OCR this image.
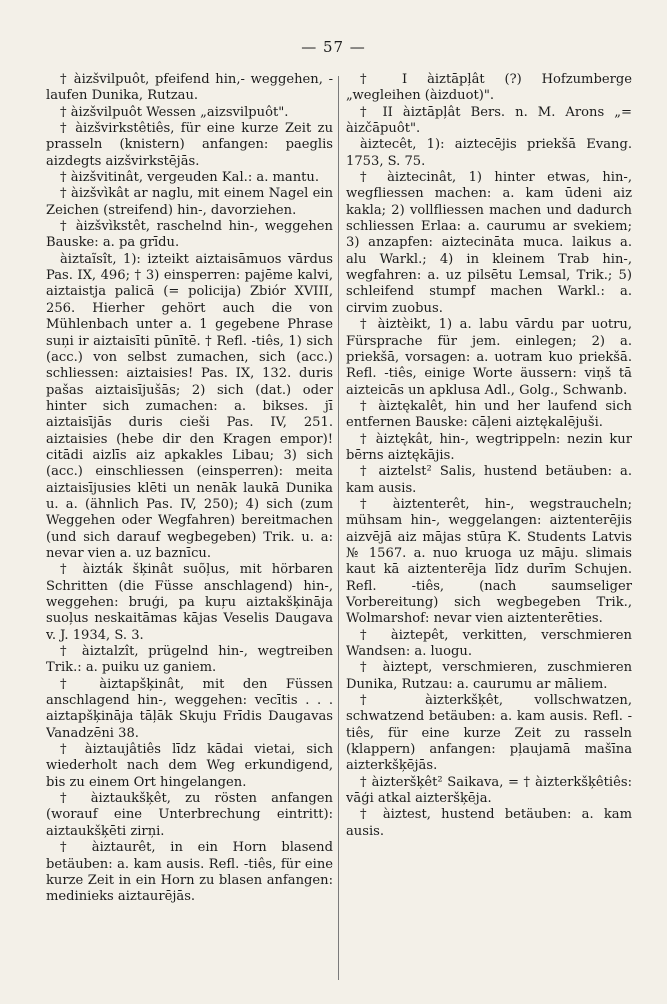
— 57 —

† àizšvilpuôt, pfeifend hin,- weggehen, -laufen Dunika, Rutzau.

† àizšvilpuôt Wessen „aizsvilpuôt".

† àizšvirkstêtiês, für eine kurze Zeit zu prasseln (knistern) anfangen: paeglis aizdegts aizšvirkstējās.

† àizšvitinât, vergeuden Kal.: a. mantu.

† àizšvìkât ar naglu, mit einem Nagel ein Zeichen (streifend) hin-, davorziehen.

† àizšvìkstêt, raschelnd hin-, weggehen Bauske: a. pa grīdu.

àiztaĩsît, 1): izteikt aiztaisāmuos vārdus Pas. IX, 496; † 3) einsperren: pajēme kalvi, aiztaistja palicā (= policija) Zbiór XVIII, 256. Hierher gehört auch die von Mühlenbach unter a. 1 gegebene Phrase suņi ir aiztaisīti pūnītē. † Refl. -tiês, 1) sich (acc.) von selbst zumachen, sich (acc.) schliessen: aiztaisies! Pas. IX, 132. duris pašas aiztaisījušās; 2) sich (dat.) oder hinter sich zumachen: a. bikses. jī aiztaisījās duris cieši Pas. IV, 251. aiztaisies (hebe dir den Kragen empor)! citādi aizlīs aiz apkakles Libau; 3) sich (acc.) einschliessen (einsperren): meita aiztaisījusies klēti un nenāk laukā Dunika u. a. (ähnlich Pas. IV, 250); 4) sich (zum Weggehen oder Wegfahren) bereitmachen (und sich darauf wegbegeben) Trik. u. a: nevar vien a. uz baznīcu.

† àizták šķinât suõļus, mit hörbaren Schritten (die Füsse anschlagend) hin-, weggehen: bruģi, pa kuŗu aiztakšķināja suoļus neskaitāmas kājas Veselis Daugava v. J. 1934, S. 3.

† àiztalzît, prügelnd hin-, wegtreiben Trik.: a. puiku uz ganiem.

† àiztapšķinât, mit den Füssen anschlagend hin-, weggehen: vecītis . . . aiztapšķināja tāļāk Skuju Frīdis Daugavas Vanadzēni 38.

† àiztaujâtiês līdz kādai vietai, sich wiederholt nach dem Weg erkundigend, bis zu einem Ort hingelangen.

† àiztaukšķêt, zu rösten anfangen (worauf eine Unterbrechung eintritt): aiztaukšķēti zirņi.

† àiztaurêt, in ein Horn blasend betäuben: a. kam ausis. Refl. -tiês, für eine kurze Zeit in ein Horn zu blasen anfangen: medinieks aiztaurējās.

† I àiztāpļât (?) Hofzumberge „wegleihen (àizduot)".

† II àiztāpļât Bers. n. M. Arons „= àizčāpuôt".

àiztecêt, 1): aiztecējis priekšā Evang. 1753, S. 75.

† àiztecinât, 1) hinter etwas, hin-, wegfliessen machen: a. kam ūdeni aiz kakla; 2) vollfliessen machen und dadurch schliessen Erlaa: a. caurumu ar svekiem; 3) anzapfen: aiztecināta muca. laikus a. alu Warkl.; 4) in kleinem Trab hin-, wegfahren: a. uz pilsētu Lemsal, Trik.; 5) schleifend stumpf machen Warkl.: a. cirvim zuobus.

† àiztèikt, 1) a. labu vārdu par uotru, Fürsprache für jem. einlegen; 2) a. priekšā, vorsagen: a. uotram kuo priekšā. Refl. -tiês, einige Worte äussern: viņš tā aizteicās un apklusa Adl., Golg., Schwanb.

† àiztękalêt, hin und her laufend sich entfernen Bauske: cāļeni aiztękalējuši.

† àiztękât, hin-, wegtrippeln: nezin kur bērns aiztękājis.

† aiztelst² Salis, hustend betäuben: a. kam ausis.

† àiztenterêt, hin-, wegstraucheln; mühsam hin-, weggelangen: aiztenterējis aizvējā aiz mājas stūŗa K. Students Latvis № 1567. a. nuo kruoga uz māju. slimais kaut kā aiztenterēja līdz durīm Schujen. Refl. -tiês, (nach saumseliger Vorbereitung) sich wegbegeben Trik., Wolmarshof: nevar vien aiztenterēties.

† àiztepêt, verkitten, verschmieren Wandsen: a. luogu.

† àiztept, verschmieren, zuschmieren Dunika, Rutzau: a. caurumu ar māliem.

† àizterkšķêt, vollschwatzen, schwatzend betäuben: a. kam ausis. Refl. -tiês, für eine kurze Zeit zu rasseln (klappern) anfangen: pļaujamā mašīna aizterkšķējās.

† àizteršķêt² Saikava, = † àizterkšķêtiês: vāģi atkal aizteršķēja.

† àiztest, hustend betäuben: a. kam ausis.
